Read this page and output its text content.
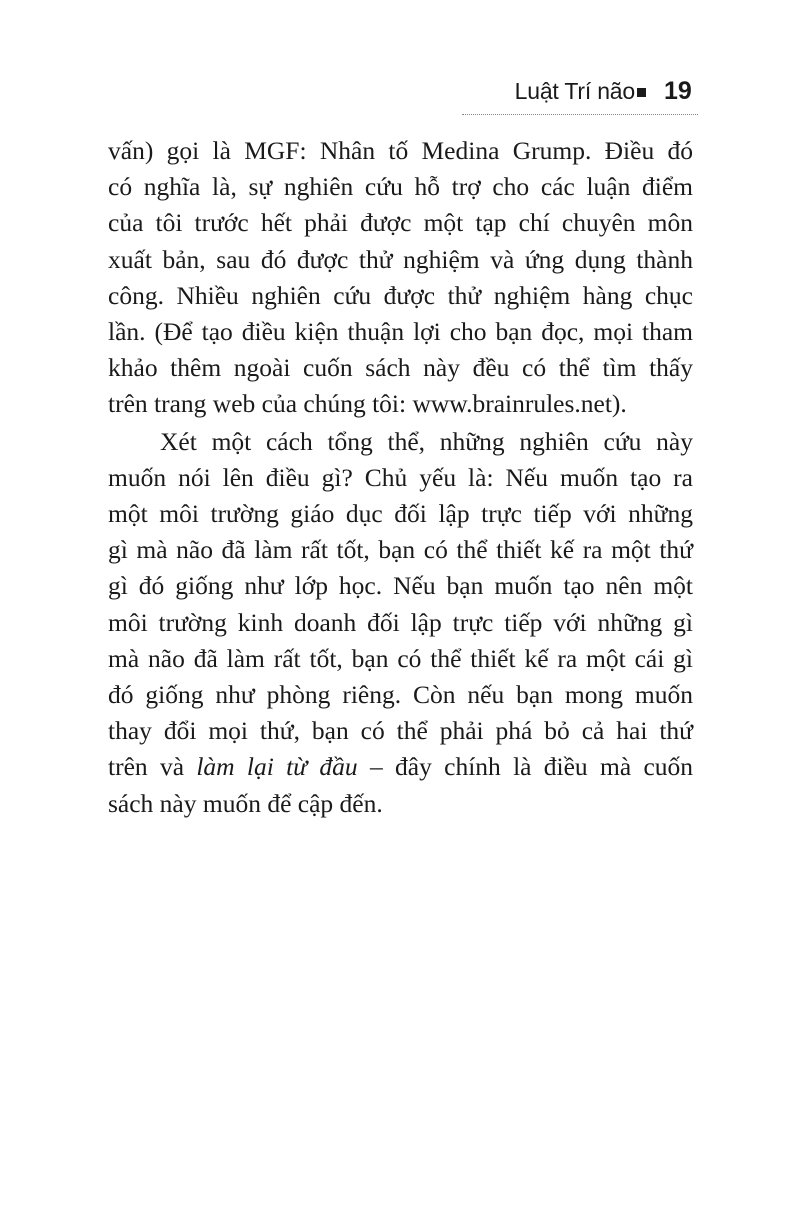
Luật Trí não 19
vấn) gọi là MGF: Nhân tố Medina Grump. Điều đó
có nghĩa là, sự nghiên cứu hỗ trợ cho các luận điểm
của tôi trước hết phải được một tạp chí chuyên môn
xuất bản, sau đó được thử nghiệm và ứng dụng thành
công. Nhiều nghiên cứu được thử nghiệm hàng chục
lần. (Để tạo điều kiện thuận lợi cho bạn đọc, mọi tham
khảo thêm ngoài cuốn sách này đều có thể tìm thấy
trên trang web của chúng tôi: www.brainrules.net).
Xét một cách tổng thể, những nghiên cứu này
muốn nói lên điều gì? Chủ yếu là: Nếu muốn tạo ra
một môi trường giáo dục đối lập trực tiếp với những
gì mà não đã làm rất tốt, bạn có thể thiết kế ra một thứ
gì đó giống như lớp học. Nếu bạn muốn tạo nên một
môi trường kinh doanh đối lập trực tiếp với những gì
mà não đã làm rất tốt, bạn có thể thiết kế ra một cái gì
đó giống như phòng riêng. Còn nếu bạn mong muốn
thay đổi mọi thứ, bạn có thể phải phá bỏ cả hai thứ
trên và làm lại từ đầu – đây chính là điều mà cuốn
sách này muốn để cập đến.
